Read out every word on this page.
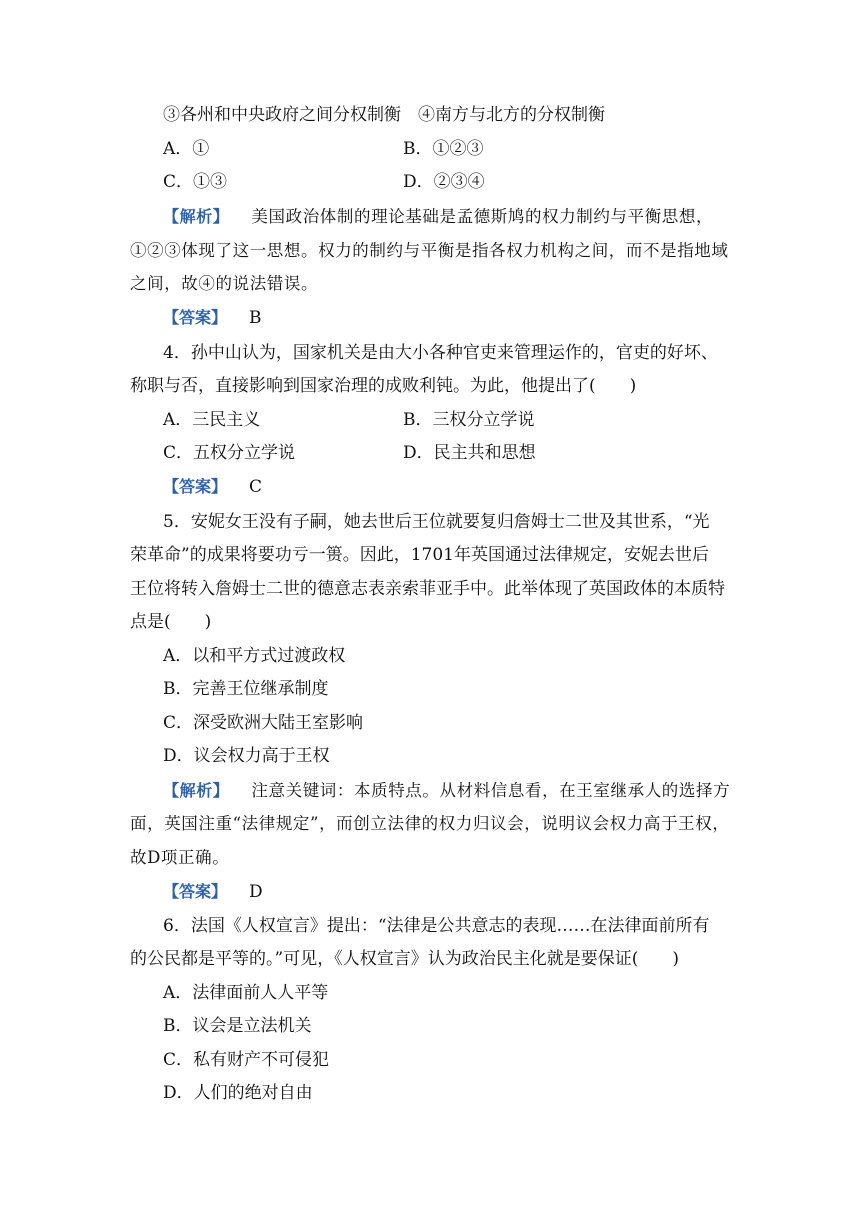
③各州和中央政府之间分权制衡　④南方与北方的分权制衡
A．①	B．①②③
C．①③	D．②③④
【解析】 美国政治体制的理论基础是孟德斯鸠的权力制约与平衡思想，
①②③体现了这一思想。权力的制约与平衡是指各权力机构之间，而不是指地域
之间，故④的说法错误。
【答案】 B
4．孙中山认为，国家机关是由大小各种官吏来管理运作的，官吏的好坏、
称职与否，直接影响到国家治理的成败利钝。为此，他提出了(　　)
A．三民主义	B．三权分立学说
C．五权分立学说	D．民主共和思想
【答案】 C
5．安妮女王没有子嗣，她去世后王位就要复归詹姆士二世及其世系，“光
荣革命”的成果将要功亏一篑。因此，1701年英国通过法律规定，安妮去世后
王位将转入詹姆士二世的德意志表亲索菲亚手中。此举体现了英国政体的本质特
点是(　　)
A．以和平方式过渡政权
B．完善王位继承制度
C．深受欧洲大陆王室影响
D．议会权力高于王权
【解析】 注意关键词：本质特点。从材料信息看，在王室继承人的选择方
面，英国注重“法律规定”，而创立法律的权力归议会，说明议会权力高于王权，
故D项正确。
【答案】 D
6．法国《人权宣言》提出：“法律是公共意志的表现……在法律面前所有
的公民都是平等的。”可见，《人权宣言》认为政治民主化就是要保证(　　)
A．法律面前人人平等
B．议会是立法机关
C．私有财产不可侵犯
D．人们的绝对自由
